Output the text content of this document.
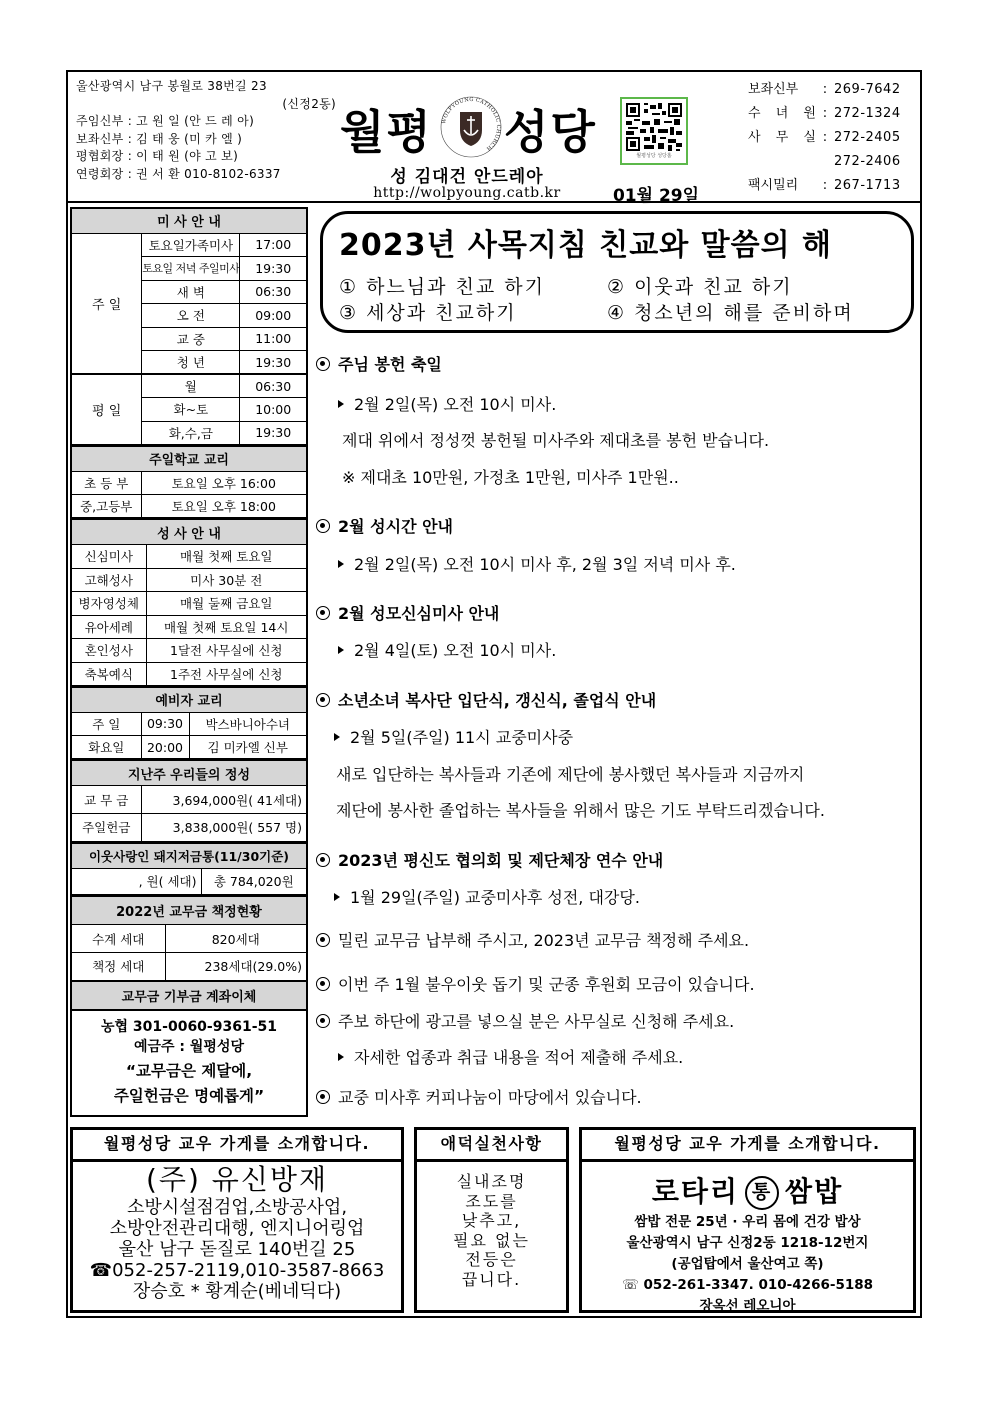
울산광역시 남구 봉월로 38번길 23
(신정2동)
주임신부 : 고 원 일 (안 드 레 아)
보좌신부 : 김 태 웅 (미 카 엘 )
평협회장 : 이 태 원 (야 고 보)
연령회장 : 권 서 환 010-8102-6337
월평 WOLPYOUNG CATHOLIC CHURCH 성당
성 김대건 안드레아
http://wolpyoung.catb.kr
월평성당 성당홈
01월 29일
보좌신부	: 269-7642
수 녀 원 : 272-1324
사 무 실 : 272-2405
272-2406
팩시밀리	: 267-1713
미 사 안 내		
주 일	토요일가족미사	17:00
	토요일 저녁 주일미사	19:30
	새 벽	06:30
	오 전	09:00
	교 중	11:00
	청 년	19:30
평 일	월	06:30
	화~토	10:00
	화,수,금	19:30
주일학교 교리	
초 등 부	토요일 오후 16:00
중,고등부	토요일 오후 18:00
성 사 안 내	
신심미사	매월 첫째 토요일
고해성사	미사 30분 전
병자영성체	매월 둘째 금요일
유아세례	매월 첫째 토요일 14시
혼인성사	1달전 사무실에 신청
축복예식	1주전 사무실에 신청
예비자 교리		
주 일	09:30	박스바니아수녀
화요일	20:00	김 미카엘 신부
지난주 우리들의 정성	
교 무 금	3,694,000원( 41세대)
주일헌금	3,838,000원( 557 명)
이웃사랑인 돼지저금통(11/30기준)
, 원( 세대)	총 784,020원
2022년 교무금 책정현황	
수계 세대	820세대
책정 세대	238세대(29.0%)
교무금 기부금 계좌이체	
농협 301-0060-9361-51
예금주 : 월평성당
“교무금은 제달에,
주일헌금은 명예롭게”
2023년 사목지침 친교와 말씀의 해
① 하느님과 친교 하기	② 이웃과 친교 하기
③ 세상과 친교하기	④ 청소년의 해를 준비하며
주님 봉헌 축일
2월 2일(목) 오전 10시 미사.
제대 위에서 정성껏 봉헌될 미사주와 제대초를 봉헌 받습니다.
※ 제대초 10만원, 가정초 1만원, 미사주 1만원..
2월 성시간 안내
2월 2일(목) 오전 10시 미사 후, 2월 3일 저녁 미사 후.
2월 성모신심미사 안내
2월 4일(토) 오전 10시 미사.
소년소녀 복사단 입단식, 갱신식, 졸업식 안내
2월 5일(주일) 11시 교중미사중
새로 입단하는 복사들과 기존에 제단에 봉사했던 복사들과 지금까지
제단에 봉사한 졸업하는 복사들을 위해서 많은 기도 부탁드리겠습니다.
2023년 평신도 협의회 및 제단체장 연수 안내
1월 29일(주일) 교중미사후 성전, 대강당.
밀린 교무금 납부해 주시고, 2023년 교무금 책정해 주세요.
이번 주 1월 불우이웃 돕기 및 군종 후원회 모금이 있습니다.
주보 하단에 광고를 넣으실 분은 사무실로 신청해 주세요.
자세한 업종과 취급 내용을 적어 제출해 주세요.
교중 미사후 커피나눔이 마당에서 있습니다.
월평성당 교우 가게를 소개합니다.
(주) 유신방재
소방시설점검업,소방공사업,
소방안전관리대행, 엔지니어링업
울산 남구 돋질로 140번길 25
☎052-257-2119,010-3587-8663
장승호 * 황계순(베네딕다)
애덕실천사항
실내조명
조도를
낮추고,
필요 없는
전등은
끕니다.
월평성당 교우 가게를 소개합니다.
로타리 통 쌈밥
쌈밥 전문 25년 · 우리 몸에 건강 밥상
울산광역시 남구 신정2동 1218-12번지
(공업탑에서 울산여고 쪽)
☏ 052-261-3347. 010-4266-5188
장옥선 레오니아
